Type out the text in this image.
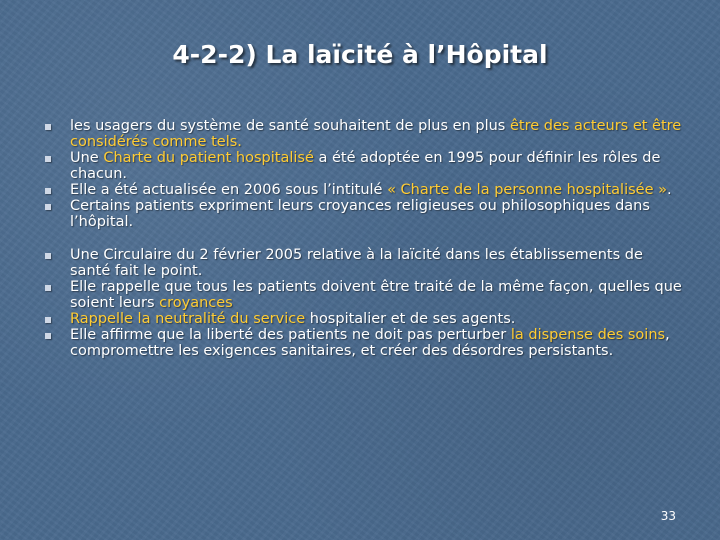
4-2-2) La laïcité à l’Hôpital
les usagers du système de santé souhaitent de plus en plus être des acteurs et être considérés comme tels.
Une Charte du patient hospitalisé a été adoptée en 1995 pour définir les rôles de chacun.
Elle a été actualisée en 2006 sous l’intitulé « Charte de la personne hospitalisée ».
Certains patients expriment leurs croyances religieuses ou philosophiques dans l’hôpital.
Une Circulaire du 2 février 2005 relative à la laïcité dans les établissements de santé fait le point.
Elle rappelle que tous les patients doivent être traité de la même façon, quelles que soient leurs croyances
Rappelle la neutralité du service hospitalier et de ses agents.
Elle affirme que la liberté des patients ne doit pas perturber la dispense des soins, compromettre les exigences sanitaires, et créer des désordres persistants.
33
